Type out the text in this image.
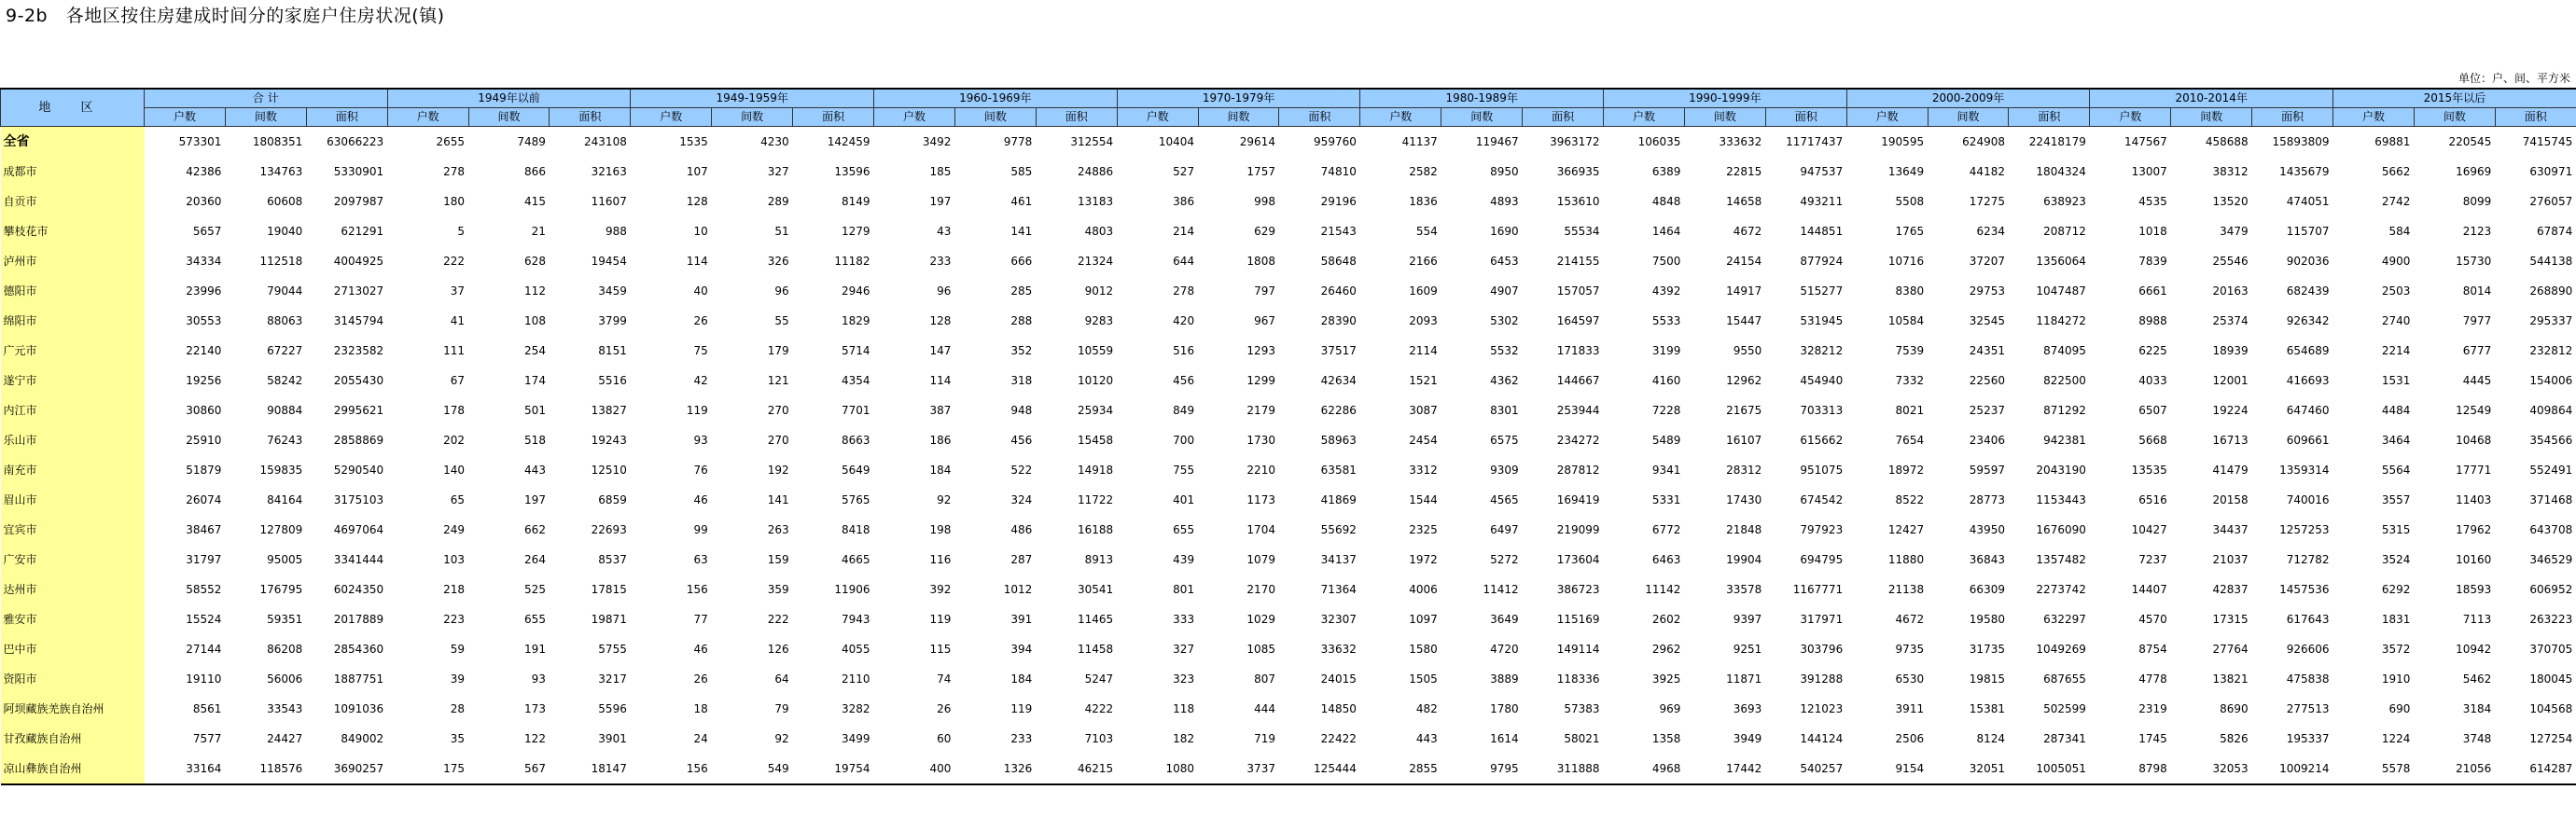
9-2b   各地区按住房建成时间分的家庭户住房状况(镇)
单位：户、间、平方米
地 区	合 计			1949年以前			1949-1959年			1960-1969年			1970-1979年			1980-1989年			1990-1999年			2000-2009年			2010-2014年			2015年以后		
	户数	间数	面积	户数	间数	面积	户数	间数	面积	户数	间数	面积	户数	间数	面积	户数	间数	面积	户数	间数	面积	户数	间数	面积	户数	间数	面积	户数	间数	面积
全省	573301	1808351	63066223	2655	7489	243108	1535	4230	142459	3492	9778	312554	10404	29614	959760	41137	119467	3963172	106035	333632	11717437	190595	624908	22418179	147567	458688	15893809	69881	220545	7415745
成都市	42386	134763	5330901	278	866	32163	107	327	13596	185	585	24886	527	1757	74810	2582	8950	366935	6389	22815	947537	13649	44182	1804324	13007	38312	1435679	5662	16969	630971
自贡市	20360	60608	2097987	180	415	11607	128	289	8149	197	461	13183	386	998	29196	1836	4893	153610	4848	14658	493211	5508	17275	638923	4535	13520	474051	2742	8099	276057
攀枝花市	5657	19040	621291	5	21	988	10	51	1279	43	141	4803	214	629	21543	554	1690	55534	1464	4672	144851	1765	6234	208712	1018	3479	115707	584	2123	67874
泸州市	34334	112518	4004925	222	628	19454	114	326	11182	233	666	21324	644	1808	58648	2166	6453	214155	7500	24154	877924	10716	37207	1356064	7839	25546	902036	4900	15730	544138
德阳市	23996	79044	2713027	37	112	3459	40	96	2946	96	285	9012	278	797	26460	1609	4907	157057	4392	14917	515277	8380	29753	1047487	6661	20163	682439	2503	8014	268890
绵阳市	30553	88063	3145794	41	108	3799	26	55	1829	128	288	9283	420	967	28390	2093	5302	164597	5533	15447	531945	10584	32545	1184272	8988	25374	926342	2740	7977	295337
广元市	22140	67227	2323582	111	254	8151	75	179	5714	147	352	10559	516	1293	37517	2114	5532	171833	3199	9550	328212	7539	24351	874095	6225	18939	654689	2214	6777	232812
遂宁市	19256	58242	2055430	67	174	5516	42	121	4354	114	318	10120	456	1299	42634	1521	4362	144667	4160	12962	454940	7332	22560	822500	4033	12001	416693	1531	4445	154006
内江市	30860	90884	2995621	178	501	13827	119	270	7701	387	948	25934	849	2179	62286	3087	8301	253944	7228	21675	703313	8021	25237	871292	6507	19224	647460	4484	12549	409864
乐山市	25910	76243	2858869	202	518	19243	93	270	8663	186	456	15458	700	1730	58963	2454	6575	234272	5489	16107	615662	7654	23406	942381	5668	16713	609661	3464	10468	354566
南充市	51879	159835	5290540	140	443	12510	76	192	5649	184	522	14918	755	2210	63581	3312	9309	287812	9341	28312	951075	18972	59597	2043190	13535	41479	1359314	5564	17771	552491
眉山市	26074	84164	3175103	65	197	6859	46	141	5765	92	324	11722	401	1173	41869	1544	4565	169419	5331	17430	674542	8522	28773	1153443	6516	20158	740016	3557	11403	371468
宜宾市	38467	127809	4697064	249	662	22693	99	263	8418	198	486	16188	655	1704	55692	2325	6497	219099	6772	21848	797923	12427	43950	1676090	10427	34437	1257253	5315	17962	643708
广安市	31797	95005	3341444	103	264	8537	63	159	4665	116	287	8913	439	1079	34137	1972	5272	173604	6463	19904	694795	11880	36843	1357482	7237	21037	712782	3524	10160	346529
达州市	58552	176795	6024350	218	525	17815	156	359	11906	392	1012	30541	801	2170	71364	4006	11412	386723	11142	33578	1167771	21138	66309	2273742	14407	42837	1457536	6292	18593	606952
雅安市	15524	59351	2017889	223	655	19871	77	222	7943	119	391	11465	333	1029	32307	1097	3649	115169	2602	9397	317971	4672	19580	632297	4570	17315	617643	1831	7113	263223
巴中市	27144	86208	2854360	59	191	5755	46	126	4055	115	394	11458	327	1085	33632	1580	4720	149114	2962	9251	303796	9735	31735	1049269	8754	27764	926606	3572	10942	370705
资阳市	19110	56006	1887751	39	93	3217	26	64	2110	74	184	5247	323	807	24015	1505	3889	118336	3925	11871	391288	6530	19815	687655	4778	13821	475838	1910	5462	180045
阿坝藏族羌族自治州	8561	33543	1091036	28	173	5596	18	79	3282	26	119	4222	118	444	14850	482	1780	57383	969	3693	121023	3911	15381	502599	2319	8690	277513	690	3184	104568
甘孜藏族自治州	7577	24427	849002	35	122	3901	24	92	3499	60	233	7103	182	719	22422	443	1614	58021	1358	3949	144124	2506	8124	287341	1745	5826	195337	1224	3748	127254
凉山彝族自治州	33164	118576	3690257	175	567	18147	156	549	19754	400	1326	46215	1080	3737	125444	2855	9795	311888	4968	17442	540257	9154	32051	1005051	8798	32053	1009214	5578	21056	614287
